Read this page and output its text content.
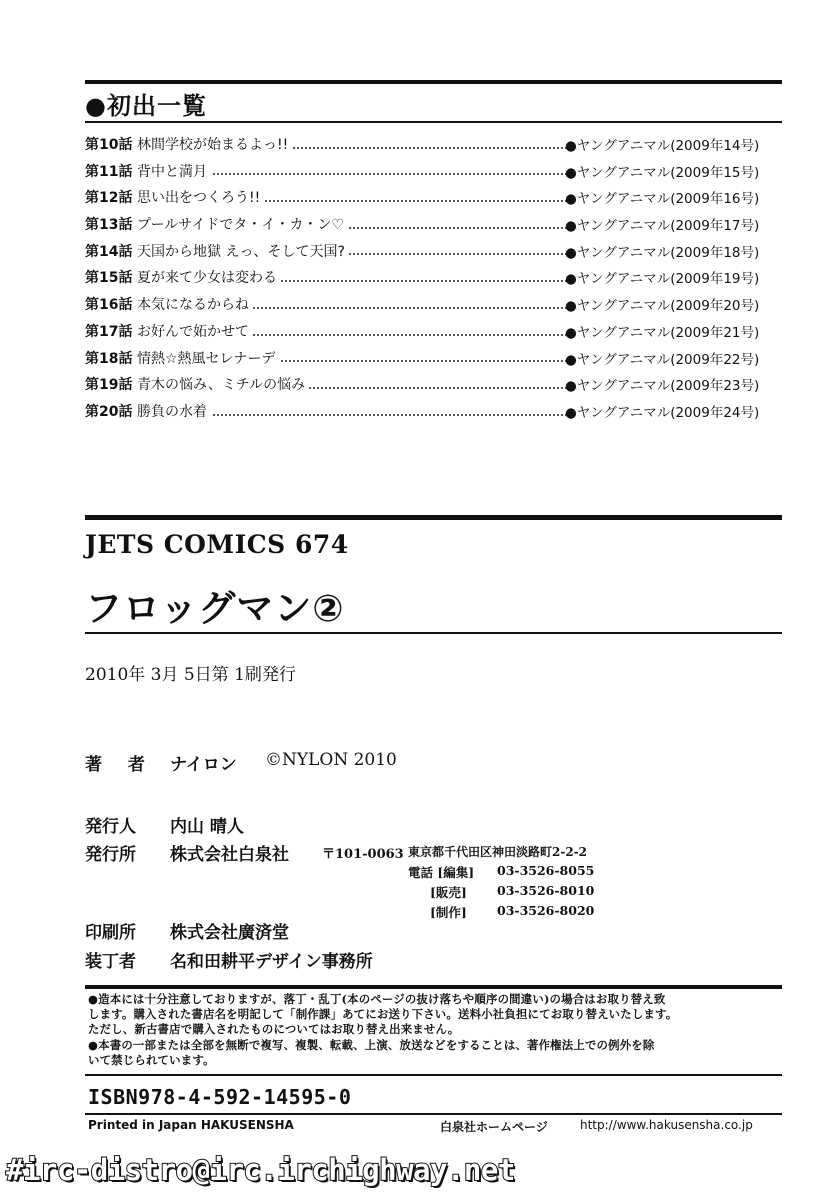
●初出一覧
第10話 林間学校が始まるよっ!!	●ヤングアニマル(2009年14号)
第11話 背中と満月	●ヤングアニマル(2009年15号)
第12話 思い出をつくろう!!	●ヤングアニマル(2009年16号)
第13話 プールサイドでタ・イ・カ・ン♡	●ヤングアニマル(2009年17号)
第14話 天国から地獄 えっ、そして天国?	●ヤングアニマル(2009年18号)
第15話 夏が来て少女は変わる	●ヤングアニマル(2009年19号)
第16話 本気になるからね	●ヤングアニマル(2009年20号)
第17話 お好んで妬かせて	●ヤングアニマル(2009年21号)
第18話 情熱☆熱風セレナーデ	●ヤングアニマル(2009年22号)
第19話 青木の悩み、ミチルの悩み	●ヤングアニマル(2009年23号)
第20話 勝負の水着	●ヤングアニマル(2009年24号)
JETS COMICS 674
フロッグマン②
2010年 3月 5日第 1刷発行
著 者 ナイロン ©NYLON 2010
発行人 内山 晴人
発行所 株式会社白泉社	〒101-0063 東京都千代田区神田淡路町2-2-2
電話 [編集] 03-3526-8055
[販売] 03-3526-8010
[制作] 03-3526-8020
印刷所 株式会社廣済堂
装丁者 名和田耕平デザイン事務所
●造本には十分注意しておりますが、落丁・乱丁(本のページの抜け落ちや順序の間違い)の場合はお取り替え致
します。購入された書店名を明記して「制作課」あてにお送り下さい。送料小社負担にてお取り替えいたします。
ただし、新古書店で購入されたものについてはお取り替え出来ません。
●本書の一部または全部を無断で複写、複製、転載、上演、放送などをすることは、著作権法上での例外を除
いて禁じられています。
ISBN978-4-592-14595-0
Printed in Japan HAKUSENSHA	白泉社ホームページ	http://www.hakusensha.co.jp
#irc-distro@irc.irchighway.net
